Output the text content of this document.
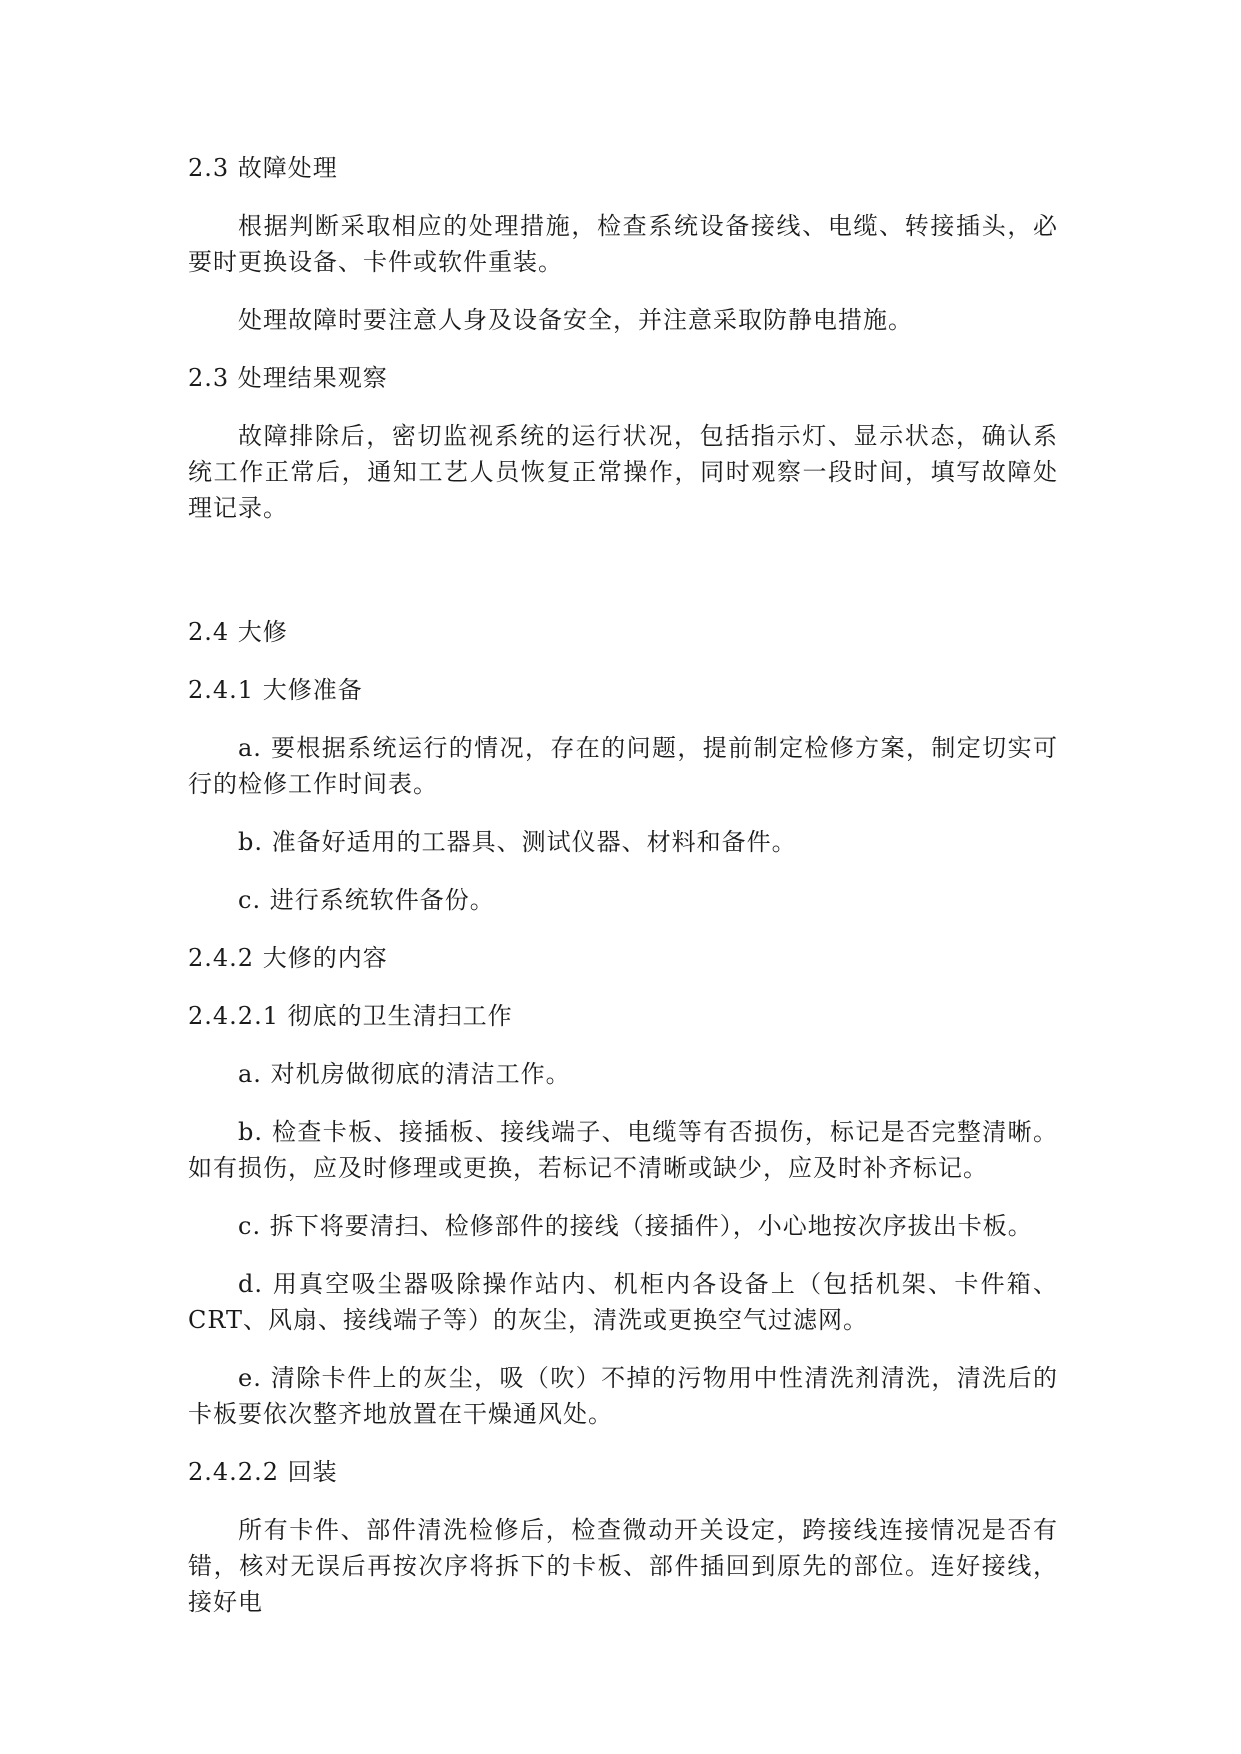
2.3 故障处理

根据判断采取相应的处理措施，检查系统设备接线、电缆、转接插头，必要时更换设备、卡件或软件重装。

处理故障时要注意人身及设备安全，并注意采取防静电措施。

2.3 处理结果观察

故障排除后，密切监视系统的运行状况，包括指示灯、显示状态，确认系统工作正常后，通知工艺人员恢复正常操作，同时观察一段时间，填写故障处理记录。

2.4 大修
2.4.1 大修准备

a. 要根据系统运行的情况，存在的问题，提前制定检修方案，制定切实可行的检修工作时间表。

b. 准备好适用的工器具、测试仪器、材料和备件。

c. 进行系统软件备份。

2.4.2 大修的内容
2.4.2.1 彻底的卫生清扫工作

a. 对机房做彻底的清洁工作。

b. 检查卡板、接插板、接线端子、电缆等有否损伤，标记是否完整清晰。如有损伤，应及时修理或更换，若标记不清晰或缺少，应及时补齐标记。

c. 拆下将要清扫、检修部件的接线（接插件），小心地按次序拔出卡板。

d. 用真空吸尘器吸除操作站内、机柜内各设备上（包括机架、卡件箱、CRT、风扇、接线端子等）的灰尘，清洗或更换空气过滤网。

e. 清除卡件上的灰尘，吸（吹）不掉的污物用中性清洗剂清洗，清洗后的卡板要依次整齐地放置在干燥通风处。

2.4.2.2 回装

所有卡件、部件清洗检修后，检查微动开关设定，跨接线连接情况是否有错，核对无误后再按次序将拆下的卡板、部件插回到原先的部位。连好接线，接好电
